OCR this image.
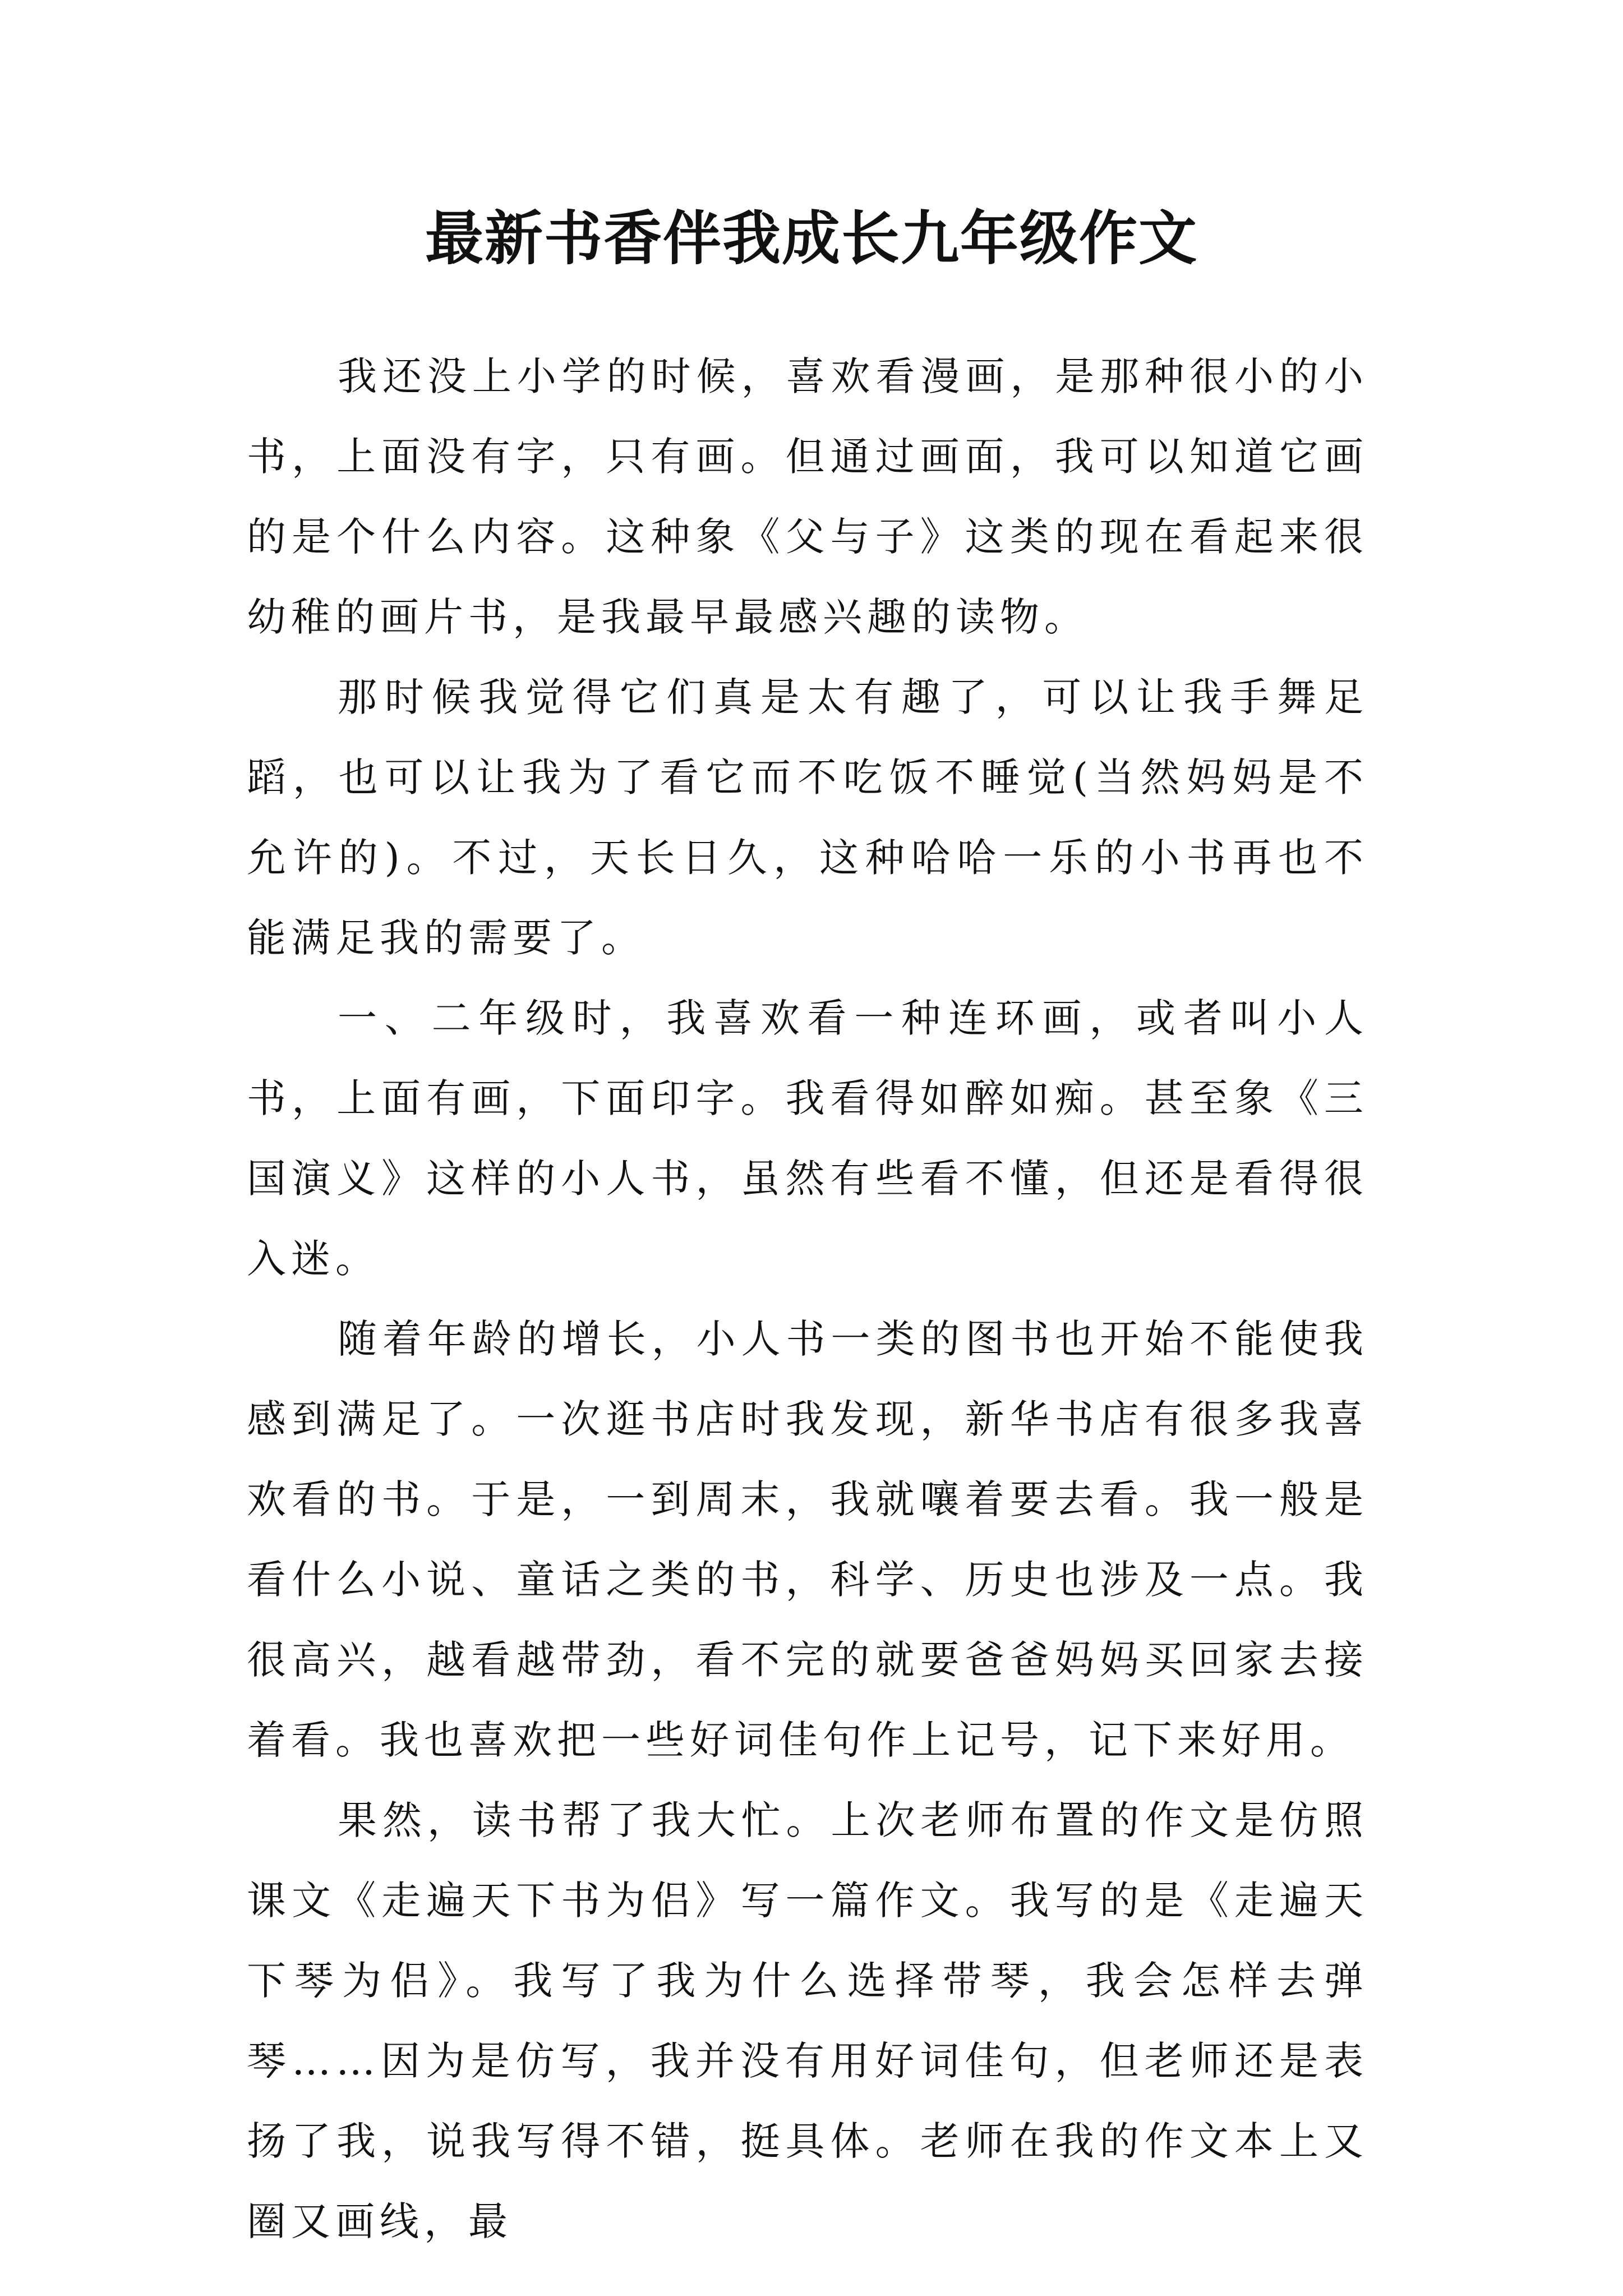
最新书香伴我成长九年级作文

我还没上小学的时候，喜欢看漫画，是那种很小的小书，上面没有字，只有画。但通过画面，我可以知道它画的是个什么内容。这种象《父与子》这类的现在看起来很幼稚的画片书，是我最早最感兴趣的读物。

那时候我觉得它们真是太有趣了，可以让我手舞足蹈，也可以让我为了看它而不吃饭不睡觉(当然妈妈是不允许的)。不过，天长日久，这种哈哈一乐的小书再也不能满足我的需要了。

一、二年级时，我喜欢看一种连环画，或者叫小人书，上面有画，下面印字。我看得如醉如痴。甚至象《三国演义》这样的小人书，虽然有些看不懂，但还是看得很入迷。

随着年龄的增长，小人书一类的图书也开始不能使我感到满足了。一次逛书店时我发现，新华书店有很多我喜欢看的书。于是，一到周末，我就嚷着要去看。我一般是看什么小说、童话之类的书，科学、历史也涉及一点。我很高兴，越看越带劲，看不完的就要爸爸妈妈买回家去接着看。我也喜欢把一些好词佳句作上记号，记下来好用。

果然，读书帮了我大忙。上次老师布置的作文是仿照课文《走遍天下书为侣》写一篇作文。我写的是《走遍天下琴为侣》。我写了我为什么选择带琴，我会怎样去弹琴……因为是仿写，我并没有用好词佳句，但老师还是表扬了我，说我写得不错，挺具体。老师在我的作文本上又圈又画线，最
